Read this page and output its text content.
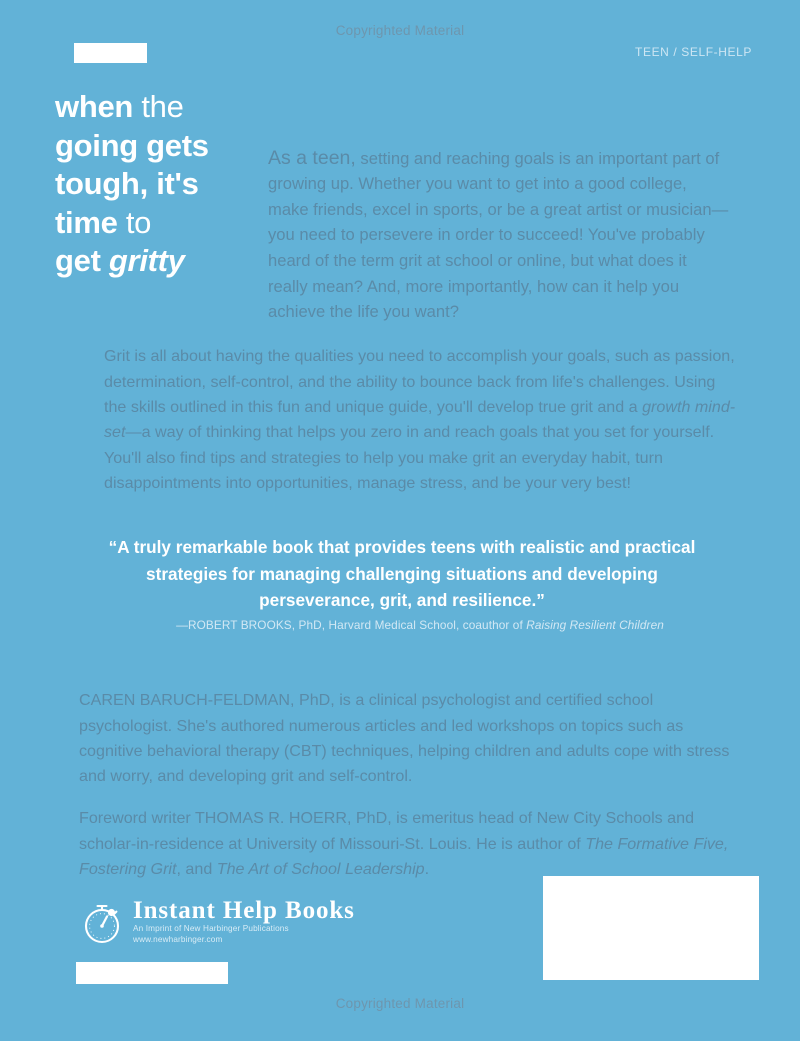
Copyrighted Material
TEEN / SELF-HELP
when the
going gets
tough, it's
time to
get gritty

As a teen, setting and reaching goals is an important part of growing up. Whether you want to get into a good college, make friends, excel in sports, or be a great artist or musician—you need to persevere in order to succeed! You've probably heard of the term grit at school or online, but what does it really mean? And, more importantly, how can it help you achieve the life you want?

Grit is all about having the qualities you need to accomplish your goals, such as passion, determination, self-control, and the ability to bounce back from life's challenges. Using the skills outlined in this fun and unique guide, you'll develop true grit and a growth mind-set—a way of thinking that helps you zero in and reach goals that you set for yourself. You'll also find tips and strategies to help you make grit an everyday habit, turn disappointments into opportunities, manage stress, and be your very best!

“A truly remarkable book that provides teens with realistic and practical strategies for managing challenging situations and developing perseverance, grit, and resilience.”
—ROBERT BROOKS, PhD, Harvard Medical School, coauthor of Raising Resilient Children

CAREN BARUCH-FELDMAN, PhD, is a clinical psychologist and certified school psychologist. She's authored numerous articles and led workshops on topics such as cognitive behavioral therapy (CBT) techniques, helping children and adults cope with stress and worry, and developing grit and self-control.

Foreword writer THOMAS R. HOERR, PhD, is emeritus head of New City Schools and scholar-in-residence at University of Missouri-St. Louis. He is author of The Formative Five, Fostering Grit, and The Art of School Leadership.

Instant Help Books
An Imprint of New Harbinger Publications
www.newharbinger.com
Copyrighted Material
